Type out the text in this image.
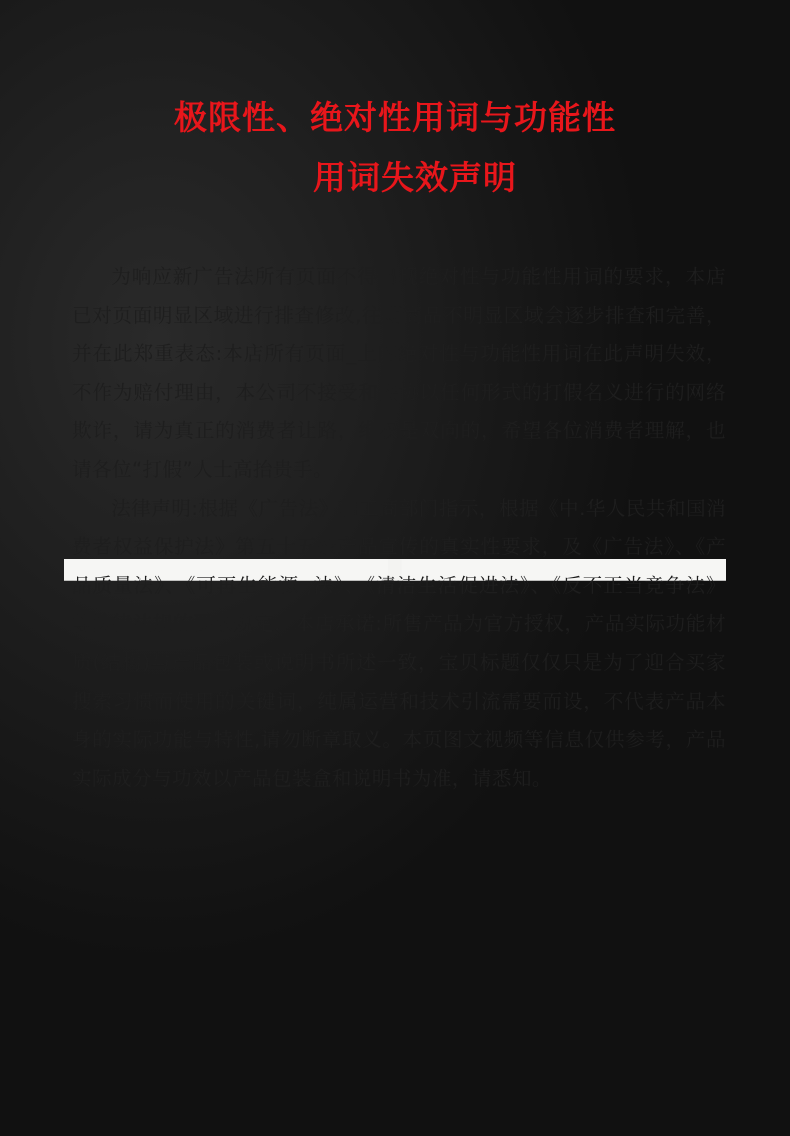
极限性、绝对性用词与功能性
用词失效声明

为响应新广告法所有页面不得出现绝对性与功能性用词的要求，本店已对页面明显区域进行排查修改,往期商品不明显区域会逐步排查和完善，并在此郑重表态:本店所有页面_上的绝对性与功能性用词在此声明失效，不作为赔付理由，本公司不接受和妥协以任何形式的打假名义进行的网络欺诈，请为真正的消费者让路，维权是双向的，希望各位消费者理解，也请各位“打假”人士高抬贵手。

法律声明:根据《广告法》和工商部门指示，根据《中.华人民共和国消费者权益保护法》第五十五条产品宣传的真实性要求，及《广告法》、《产品质量法》、《可再生能源 ,法》、《清洁生活促进法》、《反不正当竞争法》 等法律法规的要求规定，本店承诺:所售产品为官方授权，产品实际功能材质(结构)与产品包装或说明书所述一致，宝贝标题仅仅只是为了迎合买家搜索习惯而使用的关键词，纯属运营和技术引流需要而设，不代表产品本身的实际功能与特性,请勿断章取义。本页图文视频等信息仅供参考，产品实际成分与功效以产品包装盒和说明书为准，请悉知。
